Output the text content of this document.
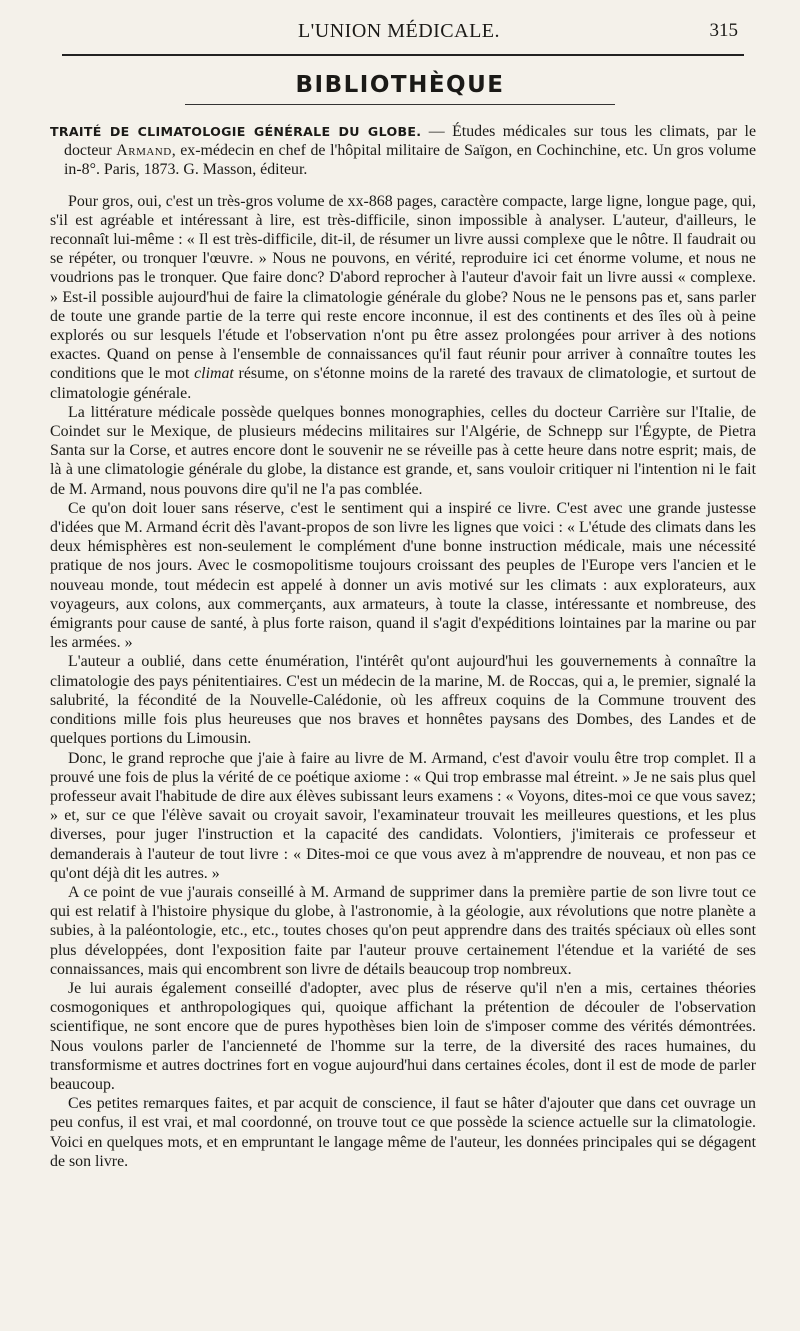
L'UNION MÉDICALE.	315
BIBLIOTHÈQUE

TRAITÉ DE CLIMATOLOGIE GÉNÉRALE DU GLOBE. — Études médicales sur tous les climats, par le docteur Armand, ex-médecin en chef de l'hôpital militaire de Saïgon, en Cochinchine, etc. Un gros volume in-8°. Paris, 1873. G. Masson, éditeur.

Pour gros, oui, c'est un très-gros volume de xx-868 pages, caractère compacte, large ligne, longue page, qui, s'il est agréable et intéressant à lire, est très-difficile, sinon impossible à analyser. L'auteur, d'ailleurs, le reconnaît lui-même : « Il est très-difficile, dit-il, de résumer un livre aussi complexe que le nôtre. Il faudrait ou se répéter, ou tronquer l'œuvre. » Nous ne pouvons, en vérité, reproduire ici cet énorme volume, et nous ne voudrions pas le tronquer. Que faire donc? D'abord reprocher à l'auteur d'avoir fait un livre aussi « complexe. » Est-il possible aujourd'hui de faire la climatologie générale du globe? Nous ne le pensons pas et, sans parler de toute une grande partie de la terre qui reste encore inconnue, il est des continents et des îles où à peine explorés ou sur lesquels l'étude et l'observation n'ont pu être assez prolongées pour arriver à des notions exactes. Quand on pense à l'ensemble de connaissances qu'il faut réunir pour arriver à connaître toutes les conditions que le mot climat résume, on s'étonne moins de la rareté des travaux de climatologie, et surtout de climatologie générale.

La littérature médicale possède quelques bonnes monographies, celles du docteur Carrière sur l'Italie, de Coindet sur le Mexique, de plusieurs médecins militaires sur l'Algérie, de Schnepp sur l'Égypte, de Pietra Santa sur la Corse, et autres encore dont le souvenir ne se réveille pas à cette heure dans notre esprit; mais, de là à une climatologie générale du globe, la distance est grande, et, sans vouloir critiquer ni l'intention ni le fait de M. Armand, nous pouvons dire qu'il ne l'a pas comblée.

Ce qu'on doit louer sans réserve, c'est le sentiment qui a inspiré ce livre. C'est avec une grande justesse d'idées que M. Armand écrit dès l'avant-propos de son livre les lignes que voici : « L'étude des climats dans les deux hémisphères est non-seulement le complément d'une bonne instruction médicale, mais une nécessité pratique de nos jours. Avec le cosmopolitisme toujours croissant des peuples de l'Europe vers l'ancien et le nouveau monde, tout médecin est appelé à donner un avis motivé sur les climats : aux explorateurs, aux voyageurs, aux colons, aux commerçants, aux armateurs, à toute la classe, intéressante et nombreuse, des émigrants pour cause de santé, à plus forte raison, quand il s'agit d'expéditions lointaines par la marine ou par les armées. »

L'auteur a oublié, dans cette énumération, l'intérêt qu'ont aujourd'hui les gouvernements à connaître la climatologie des pays pénitentiaires. C'est un médecin de la marine, M. de Roccas, qui a, le premier, signalé la salubrité, la fécondité de la Nouvelle-Calédonie, où les affreux coquins de la Commune trouvent des conditions mille fois plus heureuses que nos braves et honnêtes paysans des Dombes, des Landes et de quelques portions du Limousin.

Donc, le grand reproche que j'aie à faire au livre de M. Armand, c'est d'avoir voulu être trop complet. Il a prouvé une fois de plus la vérité de ce poétique axiome : « Qui trop embrasse mal étreint. » Je ne sais plus quel professeur avait l'habitude de dire aux élèves subissant leurs examens : « Voyons, dites-moi ce que vous savez; » et, sur ce que l'élève savait ou croyait savoir, l'examinateur trouvait les meilleures questions, et les plus diverses, pour juger l'instruction et la capacité des candidats. Volontiers, j'imiterais ce professeur et demanderais à l'auteur de tout livre : « Dites-moi ce que vous avez à m'apprendre de nouveau, et non pas ce qu'ont déjà dit les autres. »

A ce point de vue j'aurais conseillé à M. Armand de supprimer dans la première partie de son livre tout ce qui est relatif à l'histoire physique du globe, à l'astronomie, à la géologie, aux révolutions que notre planète a subies, à la paléontologie, etc., etc., toutes choses qu'on peut apprendre dans des traités spéciaux où elles sont plus développées, dont l'exposition faite par l'auteur prouve certainement l'étendue et la variété de ses connaissances, mais qui encombrent son livre de détails beaucoup trop nombreux.

Je lui aurais également conseillé d'adopter, avec plus de réserve qu'il n'en a mis, certaines théories cosmogoniques et anthropologiques qui, quoique affichant la prétention de découler de l'observation scientifique, ne sont encore que de pures hypothèses bien loin de s'imposer comme des vérités démontrées. Nous voulons parler de l'ancienneté de l'homme sur la terre, de la diversité des races humaines, du transformisme et autres doctrines fort en vogue aujourd'hui dans certaines écoles, dont il est de mode de parler beaucoup.

Ces petites remarques faites, et par acquit de conscience, il faut se hâter d'ajouter que dans cet ouvrage un peu confus, il est vrai, et mal coordonné, on trouve tout ce que possède la science actuelle sur la climatologie. Voici en quelques mots, et en empruntant le langage même de l'auteur, les données principales qui se dégagent de son livre.
